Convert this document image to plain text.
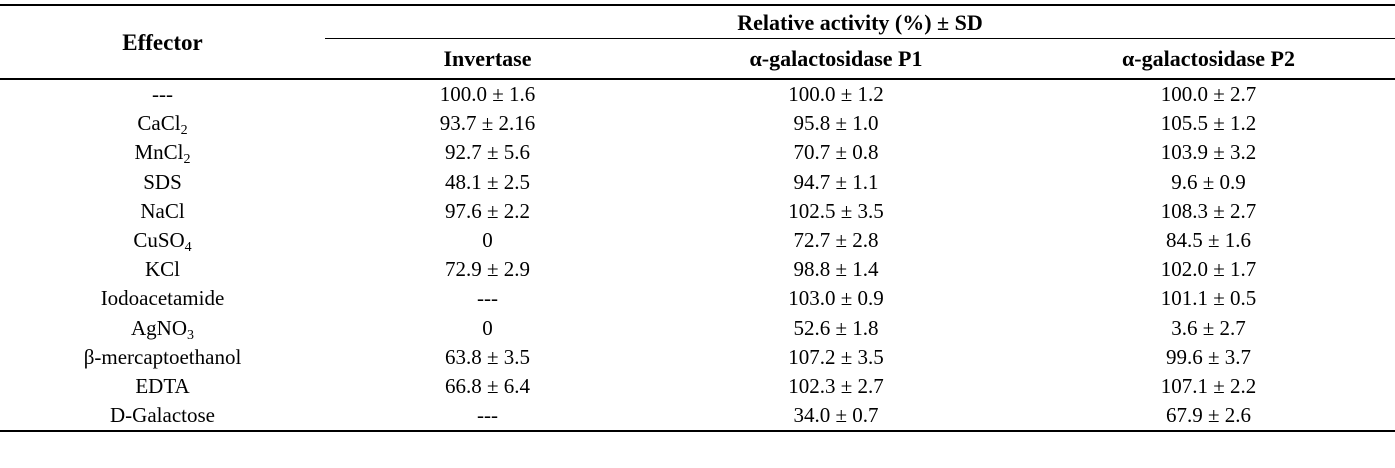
Effector	Relative activity (%) ± SD		
	Invertase	α-galactosidase P1	α-galactosidase P2
---	100.0 ± 1.6	100.0 ± 1.2	100.0 ± 2.7
CaCl$_2$	93.7 ± 2.16	95.8 ± 1.0	105.5 ± 1.2
MnCl$_2$	92.7 ± 5.6	70.7 ± 0.8	103.9 ± 3.2
SDS	48.1 ± 2.5	94.7 ± 1.1	9.6 ± 0.9
NaCl	97.6 ± 2.2	102.5 ± 3.5	108.3 ± 2.7
CuSO$_4$	0	72.7 ± 2.8	84.5 ± 1.6
KCl	72.9 ± 2.9	98.8 ± 1.4	102.0 ± 1.7
Iodoacetamide	---	103.0 ± 0.9	101.1 ± 0.5
AgNO$_3$	0	52.6 ± 1.8	3.6 ± 2.7
β-mercaptoethanol	63.8 ± 3.5	107.2 ± 3.5	99.6 ± 3.7
EDTA	66.8 ± 6.4	102.3 ± 2.7	107.1 ± 2.2
D-Galactose	---	34.0 ± 0.7	67.9 ± 2.6
